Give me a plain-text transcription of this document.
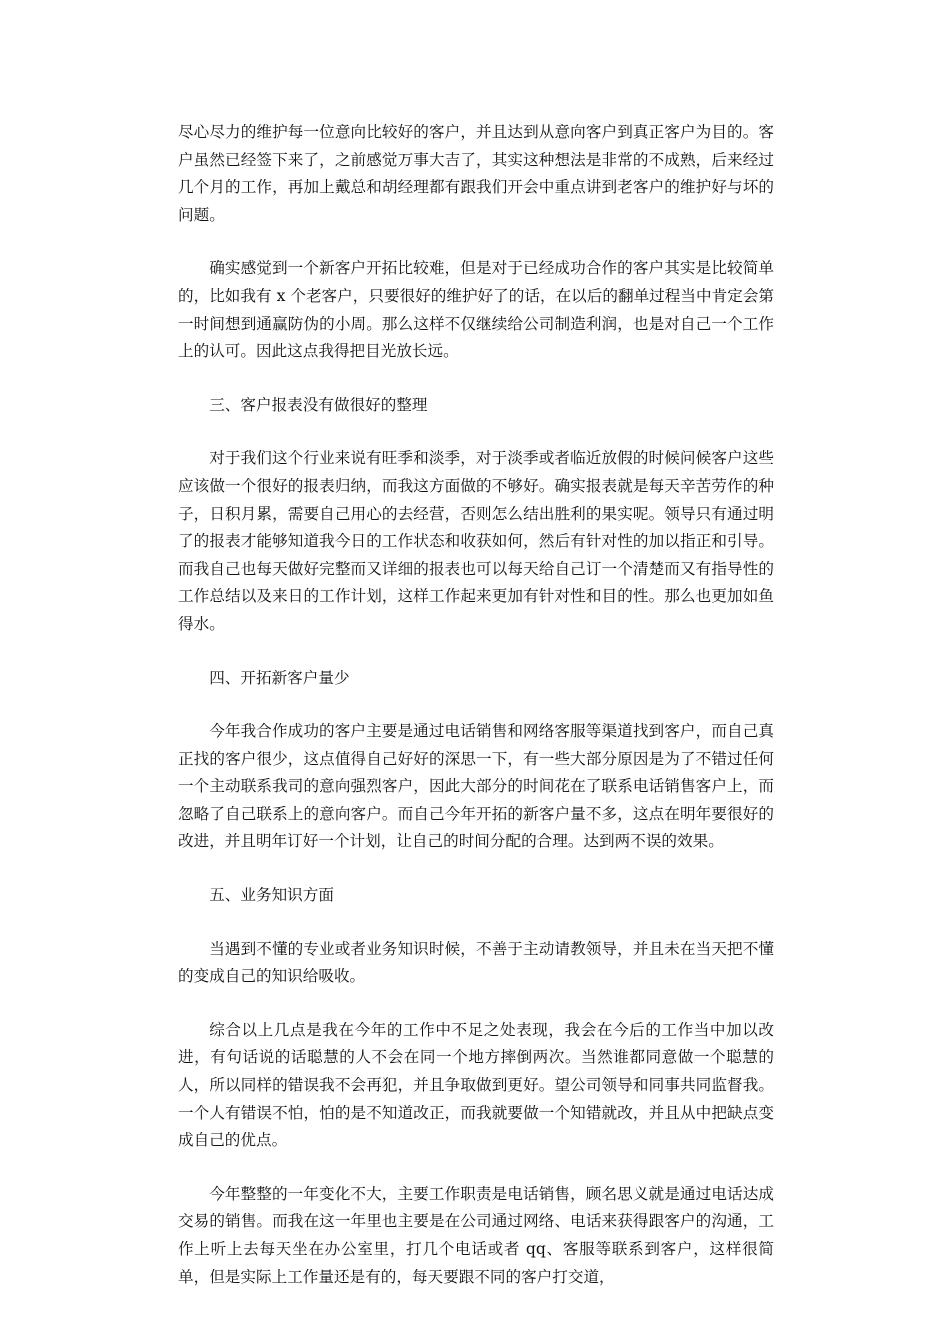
尽心尽力的维护每一位意向比较好的客户，并且达到从意向客户到真正客户为目的。客户虽然已经签下来了，之前感觉万事大吉了，其实这种想法是非常的不成熟，后来经过几个月的工作，再加上戴总和胡经理都有跟我们开会中重点讲到老客户的维护好与坏的问题。

确实感觉到一个新客户开拓比较难，但是对于已经成功合作的客户其实是比较简单的，比如我有 x 个老客户，只要很好的维护好了的话，在以后的翻单过程当中肯定会第一时间想到通赢防伪的小周。那么这样不仅继续给公司制造利润，也是对自己一个工作上的认可。因此这点我得把目光放长远。

三、客户报表没有做很好的整理

对于我们这个行业来说有旺季和淡季，对于淡季或者临近放假的时候问候客户这些应该做一个很好的报表归纳，而我这方面做的不够好。确实报表就是每天辛苦劳作的种子，日积月累，需要自己用心的去经营，否则怎么结出胜利的果实呢。领导只有通过明了的报表才能够知道我今日的工作状态和收获如何，然后有针对性的加以指正和引导。而我自己也每天做好完整而又详细的报表也可以每天给自己订一个清楚而又有指导性的工作总结以及来日的工作计划，这样工作起来更加有针对性和目的性。那么也更加如鱼得水。

四、开拓新客户量少

今年我合作成功的客户主要是通过电话销售和网络客服等渠道找到客户，而自己真正找的客户很少，这点值得自己好好的深思一下，有一些大部分原因是为了不错过任何一个主动联系我司的意向强烈客户，因此大部分的时间花在了联系电话销售客户上，而忽略了自己联系上的意向客户。而自己今年开拓的新客户量不多，这点在明年要很好的改进，并且明年订好一个计划，让自己的时间分配的合理。达到两不误的效果。

五、业务知识方面

当遇到不懂的专业或者业务知识时候，不善于主动请教领导，并且未在当天把不懂的变成自己的知识给吸收。

综合以上几点是我在今年的工作中不足之处表现，我会在今后的工作当中加以改进，有句话说的话聪慧的人不会在同一个地方摔倒两次。当然谁都同意做一个聪慧的人，所以同样的错误我不会再犯，并且争取做到更好。望公司领导和同事共同监督我。一个人有错误不怕，怕的是不知道改正，而我就要做一个知错就改，并且从中把缺点变成自己的优点。

今年整整的一年变化不大，主要工作职责是电话销售，顾名思义就是通过电话达成交易的销售。而我在这一年里也主要是在公司通过网络、电话来获得跟客户的沟通，工作上听上去每天坐在办公室里，打几个电话或者 qq、客服等联系到客户，这样很简单，但是实际上工作量还是有的，每天要跟不同的客户打交道，
